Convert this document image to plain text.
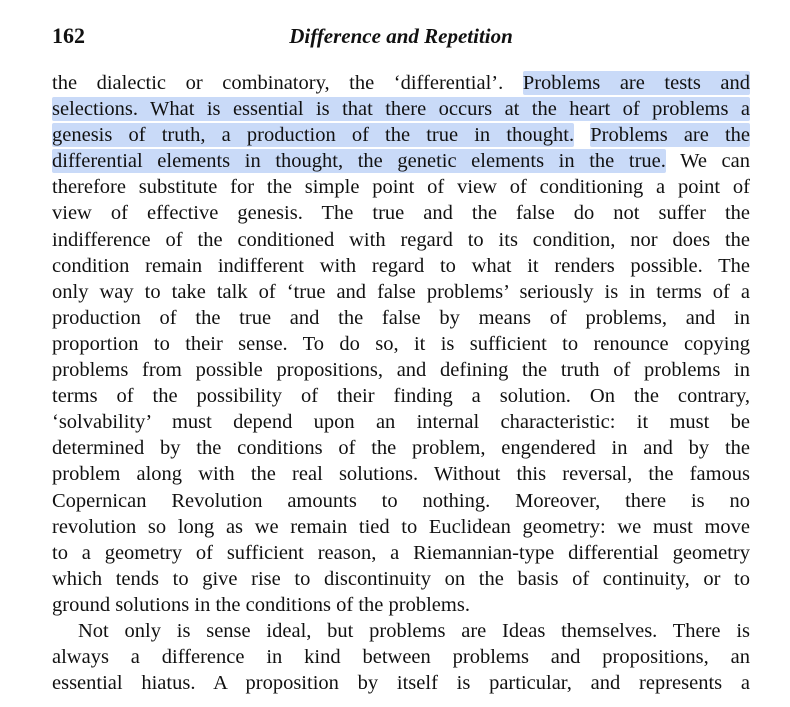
162	Difference and Repetition
the dialectic or combinatory, the ‘differential’. Problems are tests and
selections. What is essential is that there occurs at the heart of problems a
genesis of truth, a production of the true in thought. Problems are the
differential elements in thought, the genetic elements in the true. We can
therefore substitute for the simple point of view of conditioning a point of
view of effective genesis. The true and the false do not suffer the
indifference of the conditioned with regard to its condition, nor does the
condition remain indifferent with regard to what it renders possible. The
only way to take talk of ‘true and false problems’ seriously is in terms of a
production of the true and the false by means of problems, and in
proportion to their sense. To do so, it is sufficient to renounce copying
problems from possible propositions, and defining the truth of problems in
terms of the possibility of their finding a solution. On the contrary,
‘solvability’ must depend upon an internal characteristic: it must be
determined by the conditions of the problem, engendered in and by the
problem along with the real solutions. Without this reversal, the famous
Copernican Revolution amounts to nothing. Moreover, there is no
revolution so long as we remain tied to Euclidean geometry: we must move
to a geometry of sufficient reason, a Riemannian-type differential geometry
which tends to give rise to discontinuity on the basis of continuity, or to
ground solutions in the conditions of the problems.
Not only is sense ideal, but problems are Ideas themselves. There is
always a difference in kind between problems and propositions, an
essential hiatus. A proposition by itself is particular, and represents a
